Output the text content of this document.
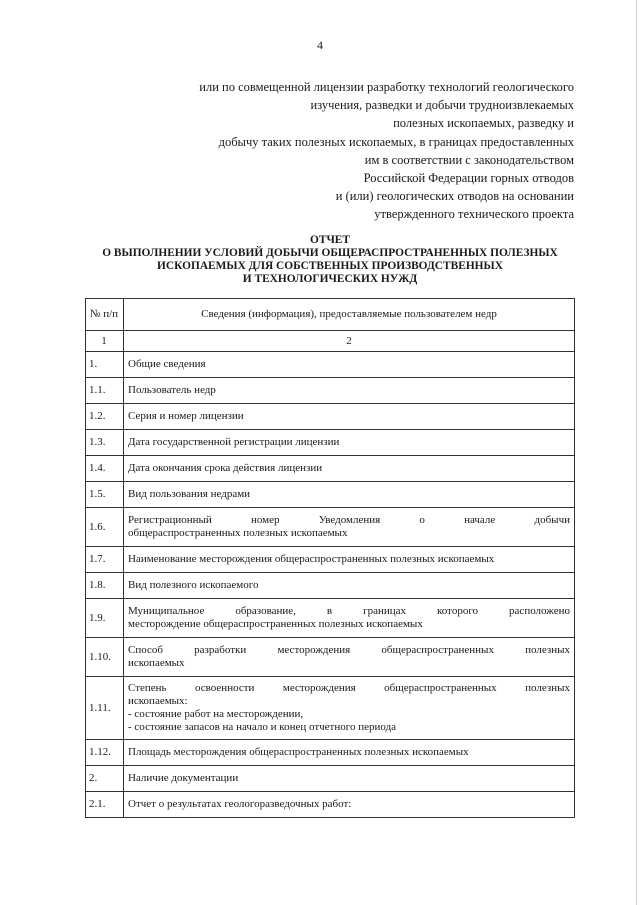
4
или по совмещенной лицензии разработку технологий геологического
изучения, разведки и добычи трудноизвлекаемых
полезных ископаемых, разведку и
добычу таких полезных ископаемых, в границах предоставленных
им в соответствии с законодательством
Российской Федерации горных отводов
и (или) геологических отводов на основании
утвержденного технического проекта
ОТЧЕТ
О ВЫПОЛНЕНИИ УСЛОВИЙ ДОБЫЧИ ОБЩЕРАСПРОСТРАНЕННЫХ ПОЛЕЗНЫХ
ИСКОПАЕМЫХ ДЛЯ СОБСТВЕННЫХ ПРОИЗВОДСТВЕННЫХ
И ТЕХНОЛОГИЧЕСКИХ НУЖД
№ п/п	Сведения (информация), предоставляемые пользователем недр
1	2
1.	Общие сведения
1.1.	Пользователь недр
1.2.	Серия и номер лицензии
1.3.	Дата государственной регистрации лицензии
1.4.	Дата окончания срока действия лицензии
1.5.	Вид пользования недрами
1.6.	Регистрационный номер Уведомления о начале добычи
общераспространенных полезных ископаемых
1.7.	Наименование месторождения общераспространенных полезных ископаемых
1.8.	Вид полезного ископаемого
1.9.	Муниципальное образование, в границах которого расположено
месторождение общераспространенных полезных ископаемых
1.10.	Способ разработки месторождения общераспространенных полезных
ископаемых
1.11.	Степень освоенности месторождения общераспространенных полезных
ископаемых:
- состояние работ на месторождении,
- состояние запасов на начало и конец отчетного периода

1.12.	Площадь месторождения общераспространенных полезных ископаемых
2.	Наличие документации
2.1.	Отчет о результатах геологоразведочных работ:
